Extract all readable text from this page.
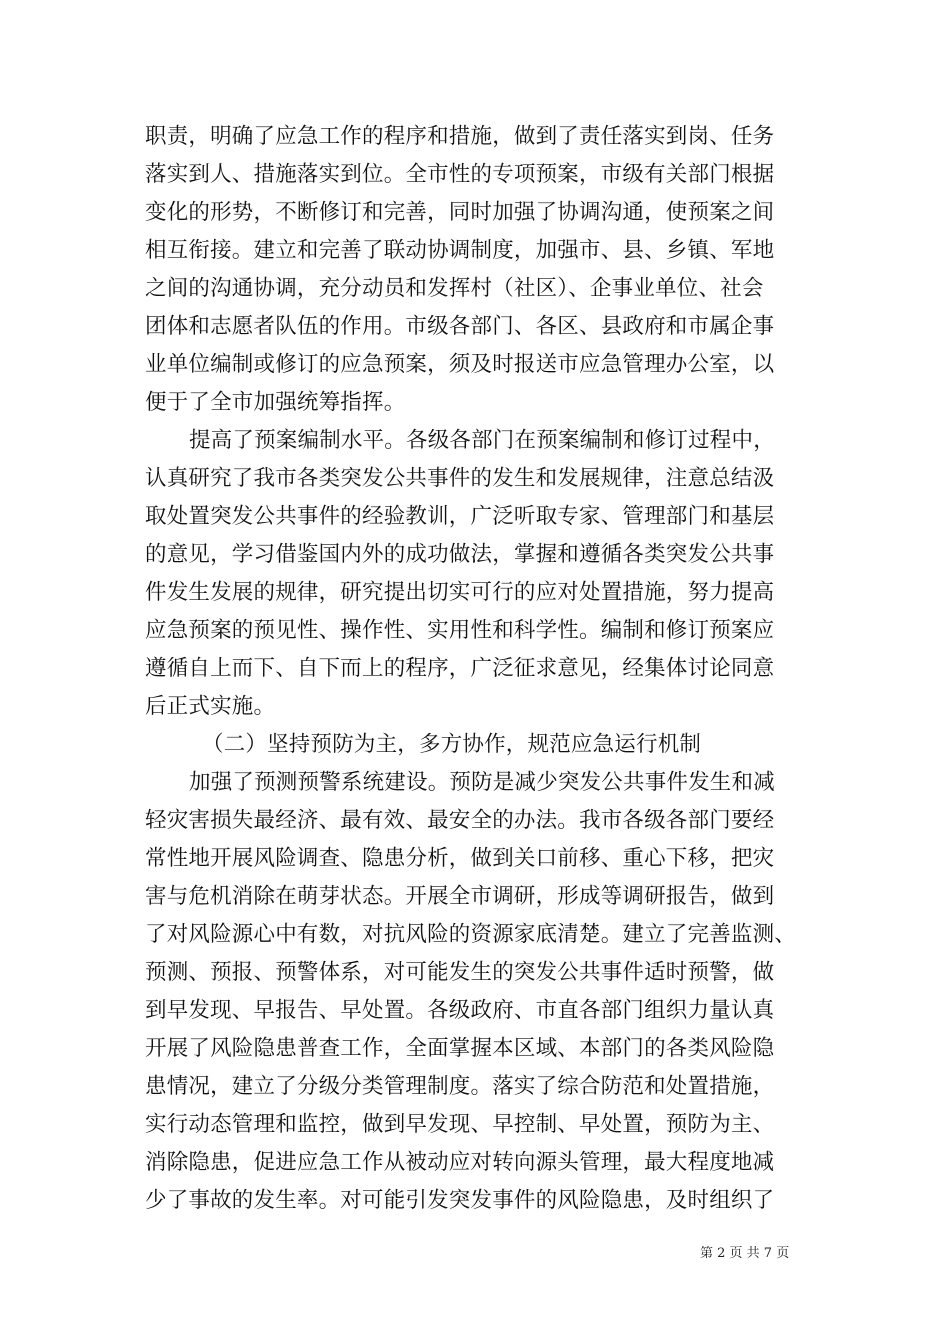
职责，明确了应急工作的程序和措施，做到了责任落实到岗、任务
落实到人、措施落实到位。全市性的专项预案，市级有关部门根据
变化的形势，不断修订和完善，同时加强了协调沟通，使预案之间
相互衔接。建立和完善了联动协调制度，加强市、县、乡镇、军地
之间的沟通协调，充分动员和发挥村（社区）、企事业单位、社会
团体和志愿者队伍的作用。市级各部门、各区、县政府和市属企事
业单位编制或修订的应急预案，须及时报送市应急管理办公室，以
便于了全市加强统筹指挥。
提高了预案编制水平。各级各部门在预案编制和修订过程中，
认真研究了我市各类突发公共事件的发生和发展规律，注意总结汲
取处置突发公共事件的经验教训，广泛听取专家、管理部门和基层
的意见，学习借鉴国内外的成功做法，掌握和遵循各类突发公共事
件发生发展的规律，研究提出切实可行的应对处置措施，努力提高
应急预案的预见性、操作性、实用性和科学性。编制和修订预案应
遵循自上而下、自下而上的程序，广泛征求意见，经集体讨论同意
后正式实施。
（二）坚持预防为主，多方协作，规范应急运行机制
加强了预测预警系统建设。预防是减少突发公共事件发生和减
轻灾害损失最经济、最有效、最安全的办法。我市各级各部门要经
常性地开展风险调查、隐患分析，做到关口前移、重心下移，把灾
害与危机消除在萌芽状态。开展全市调研，形成等调研报告，做到
了对风险源心中有数，对抗风险的资源家底清楚。建立了完善监测、
预测、预报、预警体系，对可能发生的突发公共事件适时预警，做
到早发现、早报告、早处置。各级政府、市直各部门组织力量认真
开展了风险隐患普查工作，全面掌握本区域、本部门的各类风险隐
患情况，建立了分级分类管理制度。落实了综合防范和处置措施，
实行动态管理和监控，做到早发现、早控制、早处置，预防为主、
消除隐患，促进应急工作从被动应对转向源头管理，最大程度地减
少了事故的发生率。对可能引发突发事件的风险隐患，及时组织了
第 2 页 共 7 页
